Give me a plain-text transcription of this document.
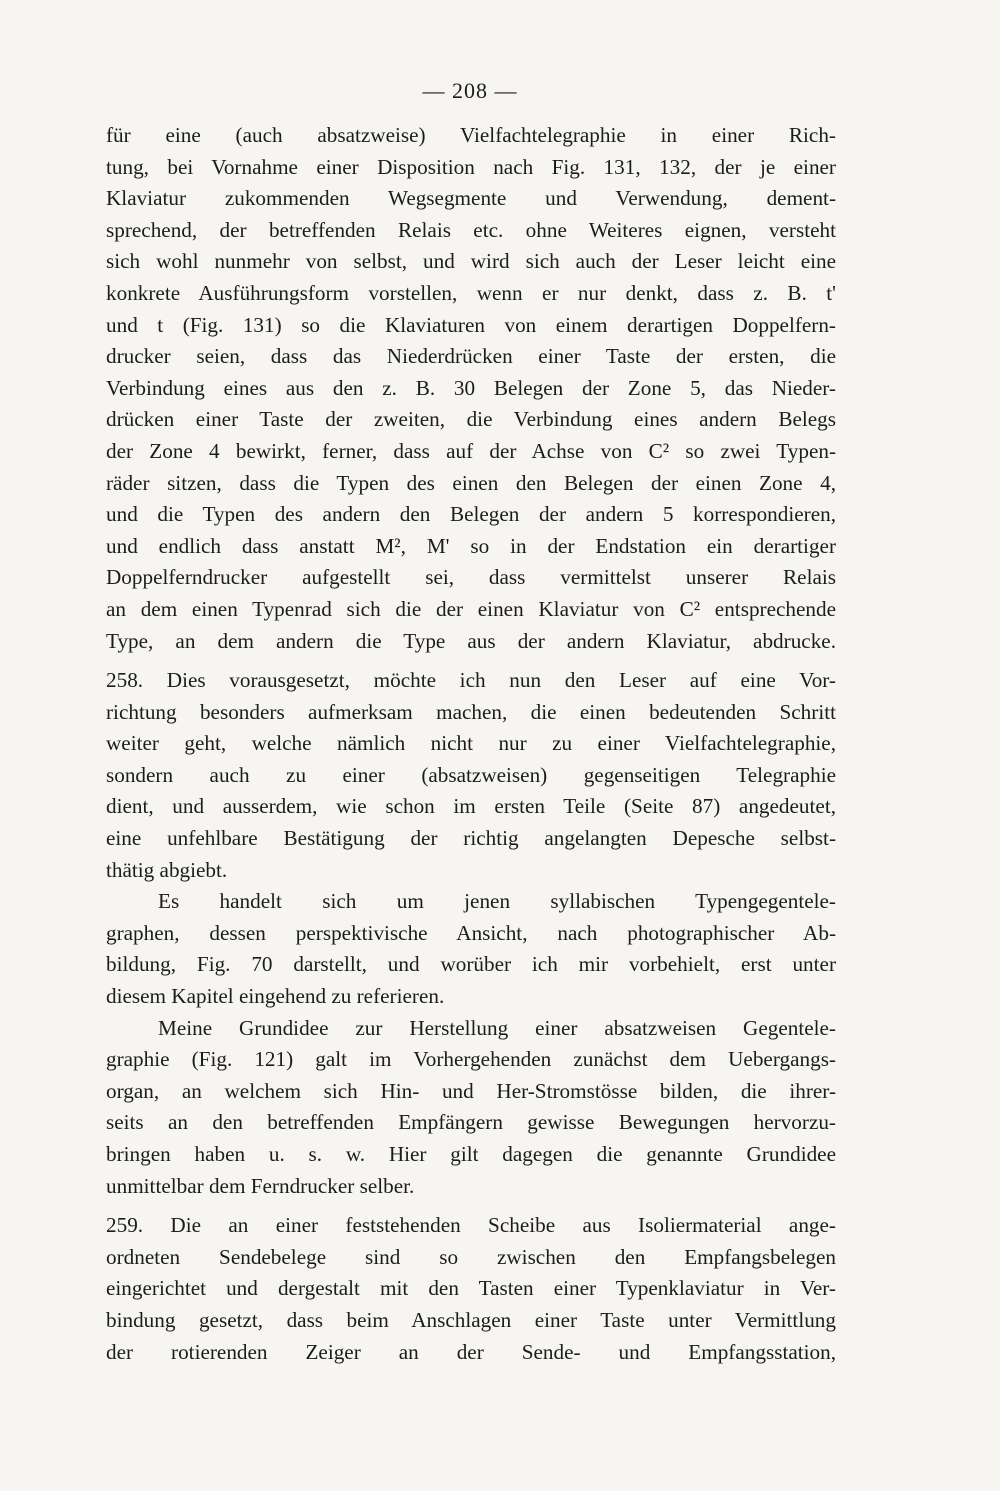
— 208 —
für eine (auch absatzweise) Vielfachtelegraphie in einer Rich-
tung, bei Vornahme einer Disposition nach Fig. 131, 132, der je einer
Klaviatur zukommenden Wegsegmente und Verwendung, dement-
sprechend, der betreffenden Relais etc. ohne Weiteres eignen, versteht
sich wohl nunmehr von selbst, und wird sich auch der Leser leicht eine
konkrete Ausführungsform vorstellen, wenn er nur denkt, dass z. B. t'
und t (Fig. 131) so die Klaviaturen von einem derartigen Doppelfern-
drucker seien, dass das Niederdrücken einer Taste der ersten, die
Verbindung eines aus den z. B. 30 Belegen der Zone 5, das Nieder-
drücken einer Taste der zweiten, die Verbindung eines andern Belegs
der Zone 4 bewirkt, ferner, dass auf der Achse von C² so zwei Typen-
räder sitzen, dass die Typen des einen den Belegen der einen Zone 4,
und die Typen des andern den Belegen der andern 5 korrespondieren,
und endlich dass anstatt M², M' so in der Endstation ein derartiger
Doppelferndrucker aufgestellt sei, dass vermittelst unserer Relais
an dem einen Typenrad sich die der einen Klaviatur von C² entsprechende
Type, an dem andern die Type aus der andern Klaviatur, abdrucke.
258. Dies vorausgesetzt, möchte ich nun den Leser auf eine Vor-
richtung besonders aufmerksam machen, die einen bedeutenden Schritt
weiter geht, welche nämlich nicht nur zu einer Vielfachtelegraphie,
sondern auch zu einer (absatzweisen) gegenseitigen Telegraphie
dient, und ausserdem, wie schon im ersten Teile (Seite 87) angedeutet,
eine unfehlbare Bestätigung der richtig angelangten Depesche selbst-
thätig abgiebt.
Es handelt sich um jenen syllabischen Typengegentele-
graphen, dessen perspektivische Ansicht, nach photographischer Ab-
bildung, Fig. 70 darstellt, und worüber ich mir vorbehielt, erst unter
diesem Kapitel eingehend zu referieren.
Meine Grundidee zur Herstellung einer absatzweisen Gegentele-
graphie (Fig. 121) galt im Vorhergehenden zunächst dem Uebergangs-
organ, an welchem sich Hin- und Her-Stromstösse bilden, die ihrer-
seits an den betreffenden Empfängern gewisse Bewegungen hervorzu-
bringen haben u. s. w. Hier gilt dagegen die genannte Grundidee
unmittelbar dem Ferndrucker selber.
259. Die an einer feststehenden Scheibe aus Isoliermaterial ange-
ordneten Sendebelege sind so zwischen den Empfangsbelegen
eingerichtet und dergestalt mit den Tasten einer Typenklaviatur in Ver-
bindung gesetzt, dass beim Anschlagen einer Taste unter Vermittlung
der rotierenden Zeiger an der Sende- und Empfangsstation,
